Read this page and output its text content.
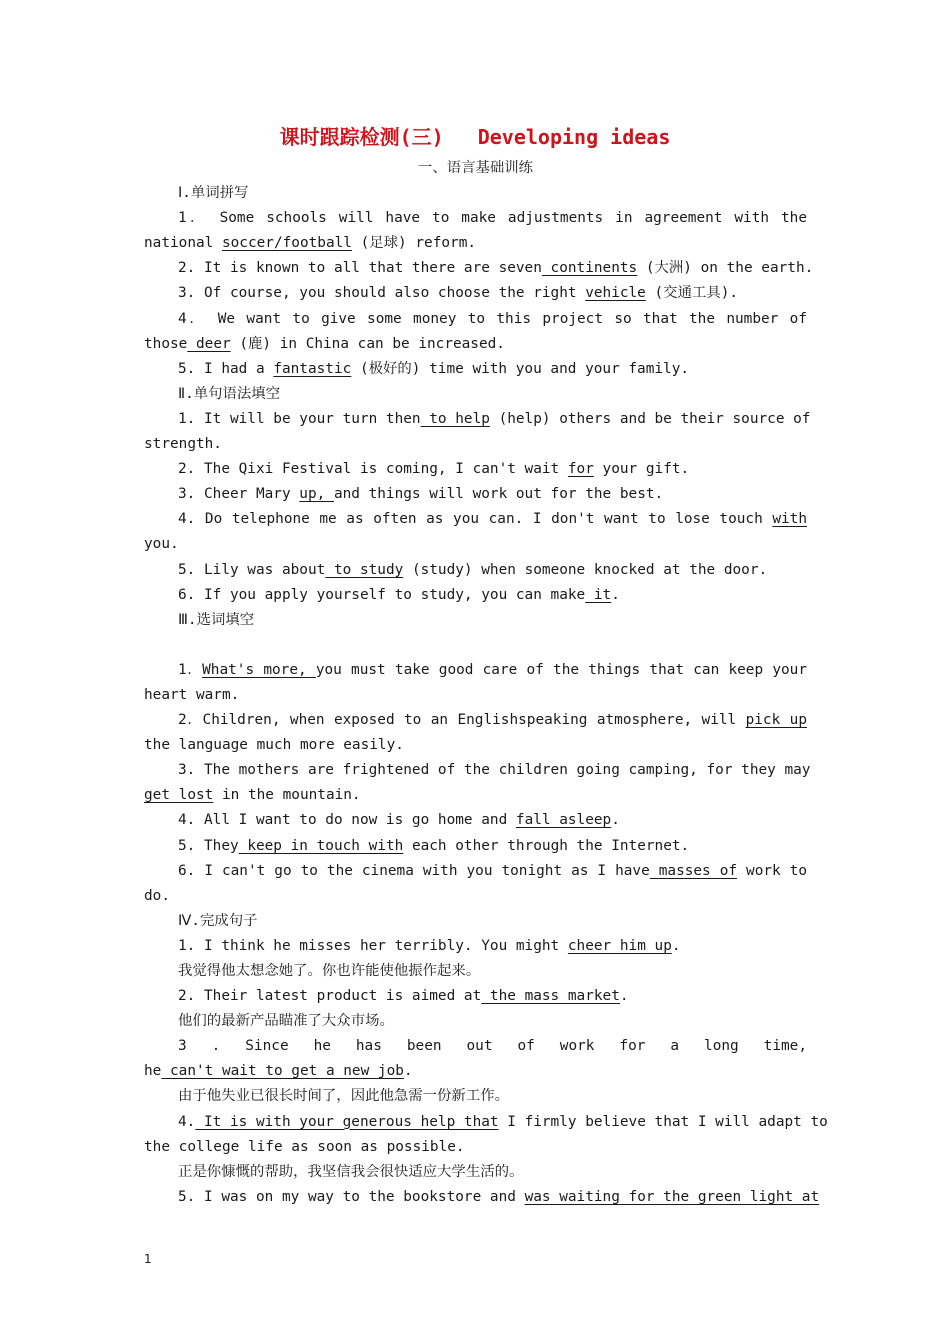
课时跟踪检测(三) Developing ideas
一、语言基础训练
Ⅰ.单词拼写
1． Some schools will have to make adjustments in agreement with the
national soccer/football (足球) reform.
2. It is known to all that there are seven continents (大洲) on the earth.
3. Of course, you should also choose the right vehicle (交通工具).
4． We want to give some money to this project so that the number of
those deer (鹿) in China can be increased.
5. I had a fantastic (极好的) time with you and your family.
Ⅱ.单句语法填空
1. It will be your turn then to help (help) others and be their source of
strength.
2. The Qixi Festival is coming, I can't wait for your gift.
3. Cheer Mary up, and things will work out for the best.
4. Do telephone me as often as you can. I don't want to lose touch with
you.
5. Lily was about to study (study) when someone knocked at the door.
6. If you apply yourself to study, you can make it.
Ⅲ.选词填空
1．What's more, you must take good care of the things that can keep your
heart warm.
2．Children, when exposed to an Englishspeaking atmosphere, will pick up
the language much more easily.
3. The mothers are frightened of the children going camping, for they may
get lost in the mountain.
4. All I want to do now is go home and fall asleep.
5. They keep in touch with each other through the Internet.
6. I can't go to the cinema with you tonight as I have masses of work to
do.
Ⅳ.完成句子
1. I think he misses her terribly. You might cheer him up.
我觉得他太想念她了。你也许能使他振作起来。
2. Their latest product is aimed at the mass market.
他们的最新产品瞄准了大众市场。
3 . Since he has been out of work for a long time,
he can't wait to get a new job.
由于他失业已很长时间了，因此他急需一份新工作。
4. It is with your generous help that I firmly believe that I will adapt to
the college life as soon as possible.
正是你慷慨的帮助，我坚信我会很快适应大学生活的。
5. I was on my way to the bookstore and was waiting for the green light at
1
